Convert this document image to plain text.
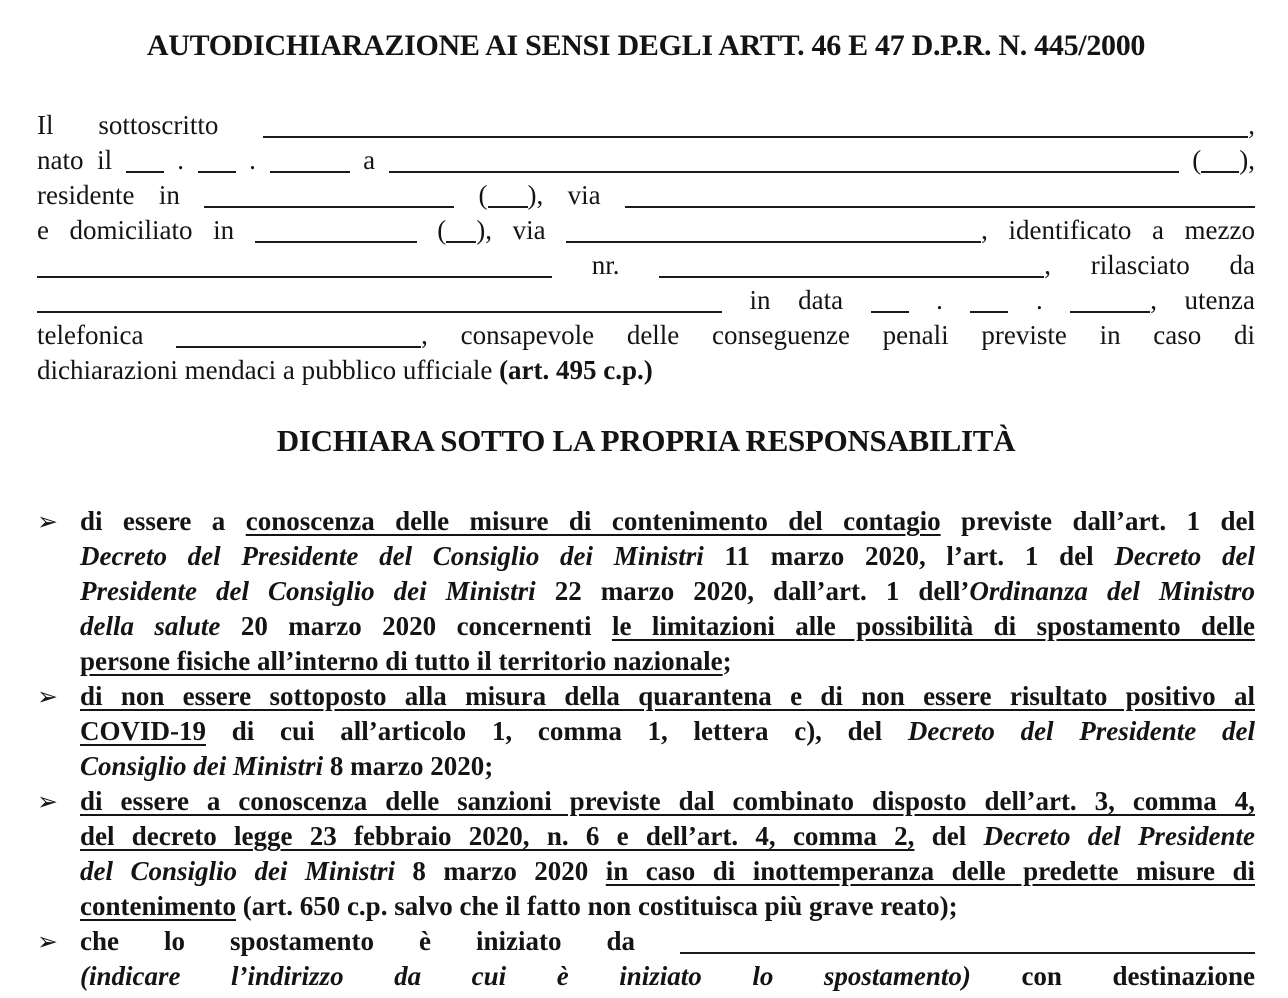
AUTODICHIARAZIONE AI SENSI DEGLI ARTT. 46 E 47 D.P.R. N. 445/2000
Il sottoscritto	,
nato il  .  .	a	( ),
residente in	( ), via
e domiciliato in	( ), via	, identificato a mezzo
nr.	, rilasciato da
in data  .  .	, utenza
telefonica	, consapevole delle conseguenze penali previste in caso di
dichiarazioni mendaci a pubblico ufficiale (art. 495 c.p.)
DICHIARA SOTTO LA PROPRIA RESPONSABILITÀ
➢ di essere a conoscenza delle misure di contenimento del contagio previste dall’art. 1 del
Decreto del Presidente del Consiglio dei Ministri 11 marzo 2020, l’art. 1 del Decreto del
Presidente del Consiglio dei Ministri 22 marzo 2020, dall’art. 1 dell’Ordinanza del Ministro
della salute 20 marzo 2020 concernenti le limitazioni alle possibilità di spostamento delle
persone fisiche all’interno di tutto il territorio nazionale;
➢ di non essere sottoposto alla misura della quarantena e di non essere risultato positivo al
COVID-19 di cui all’articolo 1, comma 1, lettera c), del Decreto del Presidente del
Consiglio dei Ministri 8 marzo 2020;
➢ di essere a conoscenza delle sanzioni previste dal combinato disposto dell’art. 3, comma 4,
del decreto legge 23 febbraio 2020, n. 6 e dell’art. 4, comma 2, del Decreto del Presidente
del Consiglio dei Ministri 8 marzo 2020 in caso di inottemperanza delle predette misure di
contenimento (art. 650 c.p. salvo che il fatto non costituisca più grave reato);
➢ che lo spostamento è iniziato da
(indicare l’indirizzo da cui è iniziato lo spostamento) con destinazione
